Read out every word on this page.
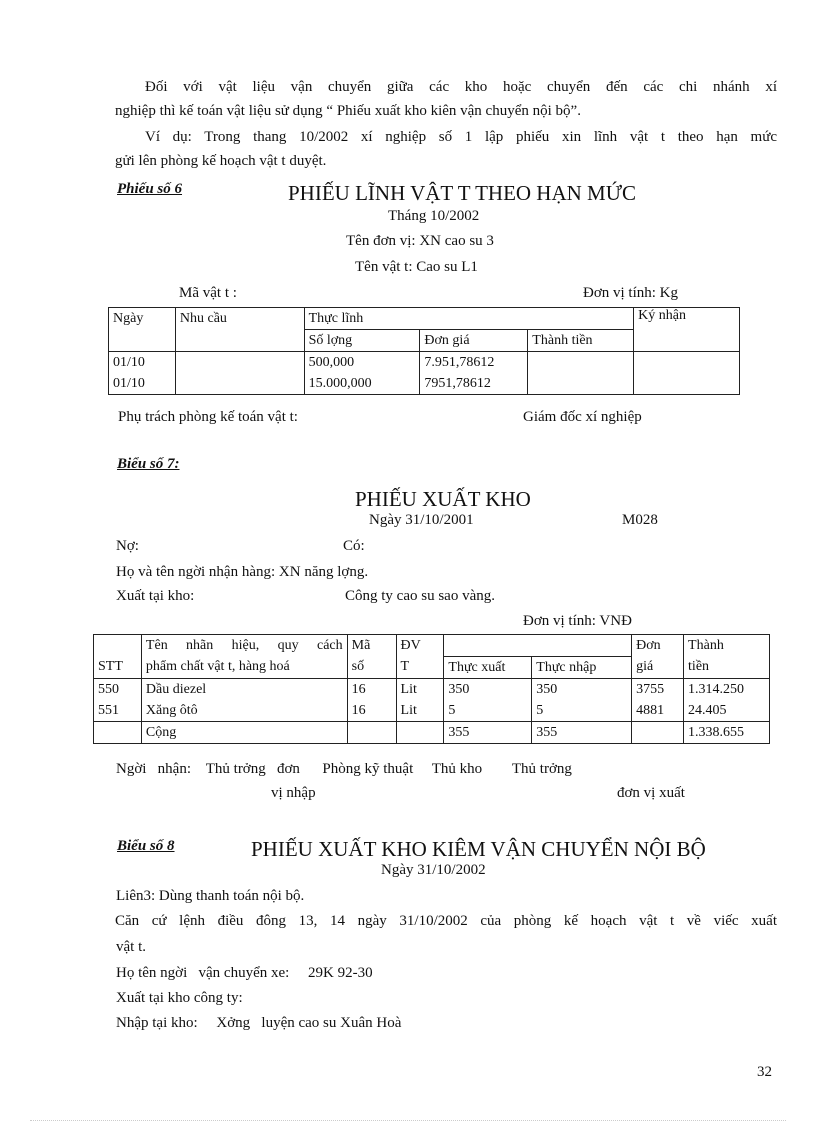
Đối với vật liệu vận chuyển giữa các kho hoặc chuyển đến các chi nhánh xí
nghiệp thì kế toán vật liệu sử dụng “ Phiếu xuất kho kiên vận chuyển nội bộ”.
Ví dụ: Trong thang 10/2002 xí nghiệp số 1 lập phiếu xin lĩnh vật t theo hạn mức
gửi lên phòng kế hoạch vật t duyệt.
Phiếu số 6	PHIẾU LĨNH VẬT T THEO HẠN MỨC
Tháng 10/2002
Tên đơn vị: XN cao su 3
Tên vật t: Cao su L1
Mã vật t :	Đơn vị tính: Kg
Ngày	Nhu cầu	Thực lĩnh			Ký nhận
		Số lợng	Đơn giá	Thành tiền	
01/10		500,000	7.951,78612		
01/10		15.000,000	7951,78612		
Phụ trách phòng kế toán vật t:	Giám đốc xí nghiệp
Biểu số 7:
PHIẾU XUẤT KHO
Ngày 31/10/2001	M028
Nợ:	Có:
Họ và tên ngời nhận hàng: XN năng lợng.
Xuất tại kho:	Công ty cao su sao vàng.
Đơn vị tính: VNĐ
	Tên nhãn hiệu, quy cách	Mã	ĐV			Đơn	Thành
STT	phẩm chất vật t, hàng hoá	số	T	Thực xuất	Thực nhập	giá	tiền
550	Dầu diezel	16	Lit	350	350	3755	1.314.250
551	Xăng ôtô	16	Lit	5	5	4881	24.405
	Cộng			355	355		1.338.655
Ngời   nhận:    Thủ trởng   đơn      Phòng kỹ thuật     Thủ kho        Thủ trởng
vị nhập	đơn vị xuất
Biểu số 8	PHIẾU XUẤT KHO KIÊM VẬN CHUYỂN NỘI BỘ
Ngày 31/10/2002
Liên3: Dùng thanh toán nội bộ.
Căn cứ lệnh điều đông 13, 14 ngày 31/10/2002 của phòng kế hoạch vật t về viếc xuất
vật t.
Họ tên ngời   vận chuyển xe:     29K 92-30
Xuất tại kho công ty:
Nhập tại kho:     Xởng   luyện cao su Xuân Hoà
32
